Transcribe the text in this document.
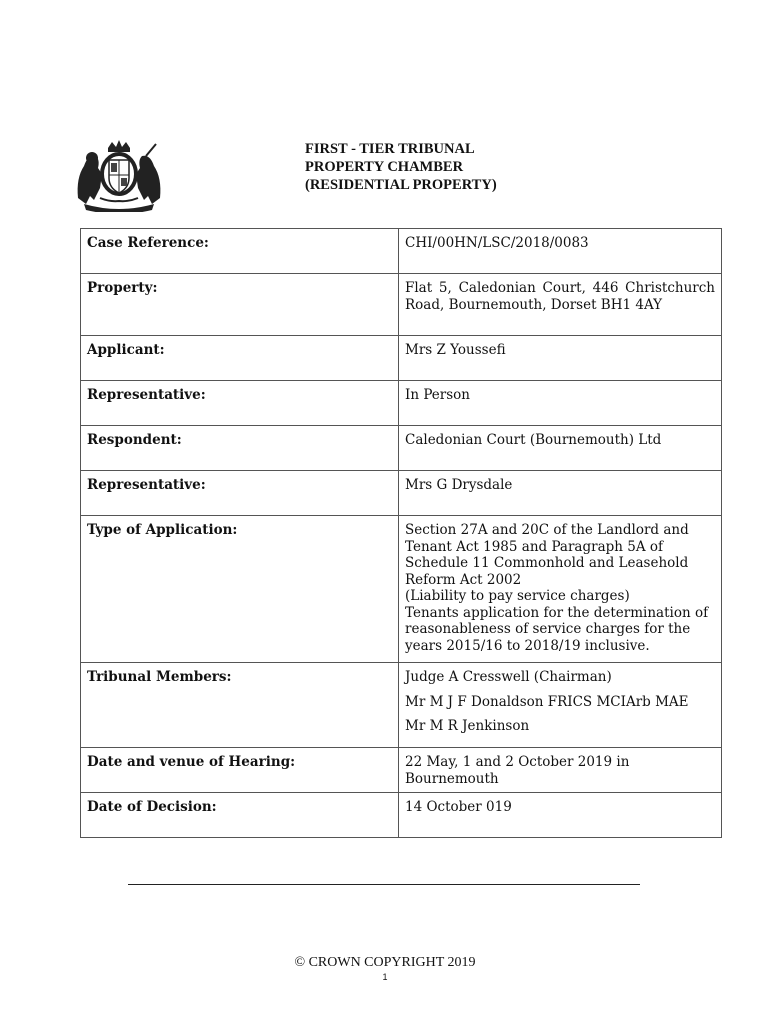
FIRST - TIER TRIBUNAL
PROPERTY CHAMBER
(RESIDENTIAL PROPERTY)
Case Reference:	CHI/00HN/LSC/2018/0083
Property:	Flat 5, Caledonian Court, 446 Christchurch Road, Bournemouth, Dorset BH1 4AY
Applicant:	Mrs Z Youssefi
Representative:	In Person
Respondent:	Caledonian Court (Bournemouth) Ltd
Representative:	Mrs G Drysdale
Type of Application:	Section 27A and 20C of the Landlord and Tenant Act 1985 and Paragraph 5A of Schedule 11 Commonhold and Leasehold Reform Act 2002
(Liability to pay service charges)
Tenants application for the determination of reasonableness of service charges for the years 2015/16 to 2018/19 inclusive.

Tribunal Members:	Judge A Cresswell (Chairman)
Mr M J F Donaldson FRICS MCIArb MAE
Mr M R Jenkinson

Date and venue of Hearing:	22 May, 1 and 2 October 2019 in Bournemouth
Date of Decision:	14 October 019
© CROWN COPYRIGHT 2019
1
